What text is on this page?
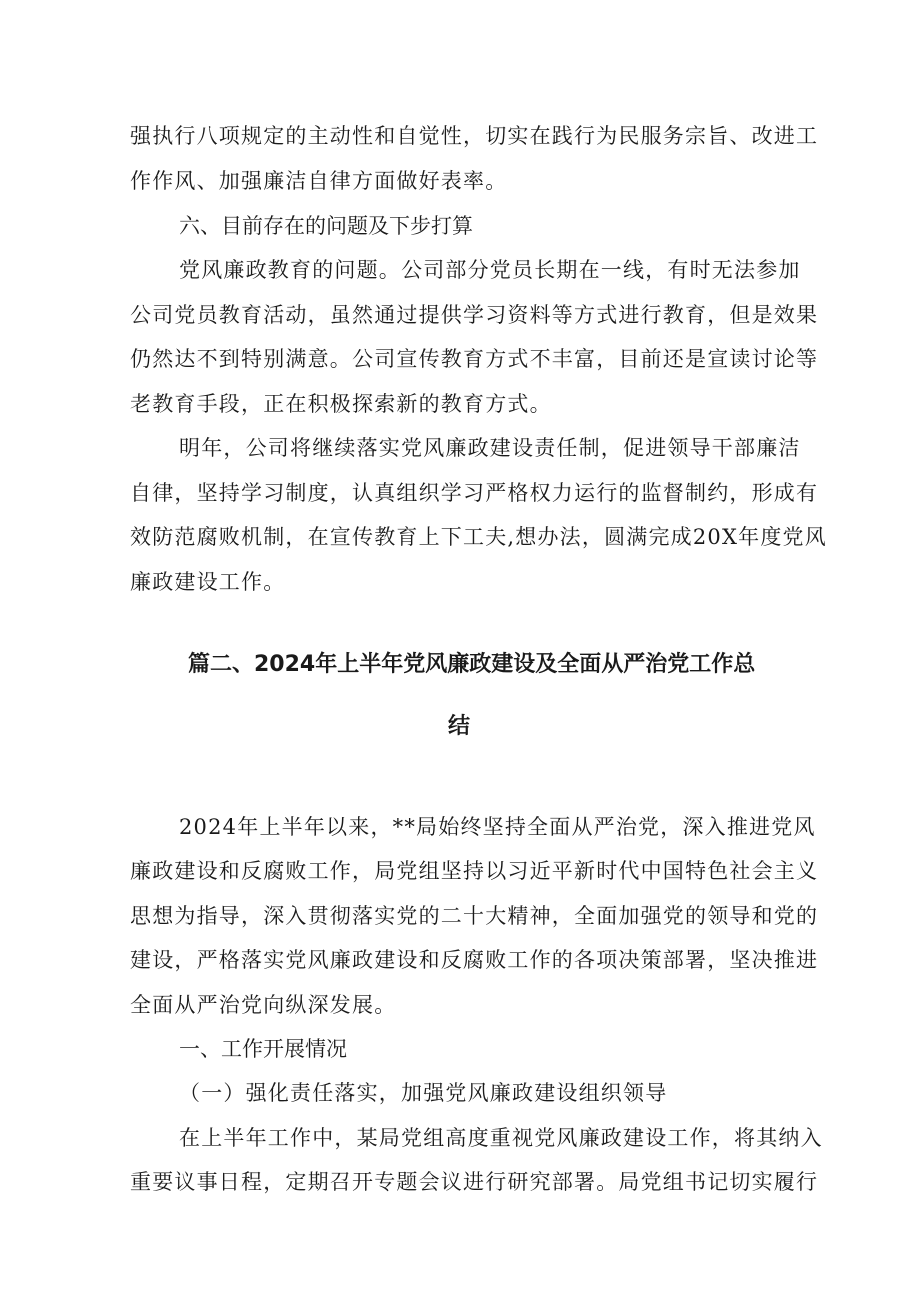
强执行八项规定的主动性和自觉性，切实在践行为民服务宗旨、改进工
作作风、加强廉洁自律方面做好表率。
六、目前存在的问题及下步打算
党风廉政教育的问题。公司部分党员长期在一线，有时无法参加
公司党员教育活动，虽然通过提供学习资料等方式进行教育，但是效果
仍然达不到特别满意。公司宣传教育方式不丰富，目前还是宣读讨论等
老教育手段，正在积极探索新的教育方式。
明年，公司将继续落实党风廉政建设责任制，促进领导干部廉洁
自律，坚持学习制度，认真组织学习严格权力运行的监督制约，形成有
效防范腐败机制，在宣传教育上下工夫,想办法，圆满完成20X年度党风
廉政建设工作。
篇二、2024年上半年党风廉政建设及全面从严治党工作总
结
2024年上半年以来，**局始终坚持全面从严治党，深入推进党风
廉政建设和反腐败工作，局党组坚持以习近平新时代中国特色社会主义
思想为指导，深入贯彻落实党的二十大精神，全面加强党的领导和党的
建设，严格落实党风廉政建设和反腐败工作的各项决策部署，坚决推进
全面从严治党向纵深发展。
一、工作开展情况
（一）强化责任落实，加强党风廉政建设组织领导
在上半年工作中，某局党组高度重视党风廉政建设工作，将其纳入
重要议事日程，定期召开专题会议进行研究部署。局党组书记切实履行
